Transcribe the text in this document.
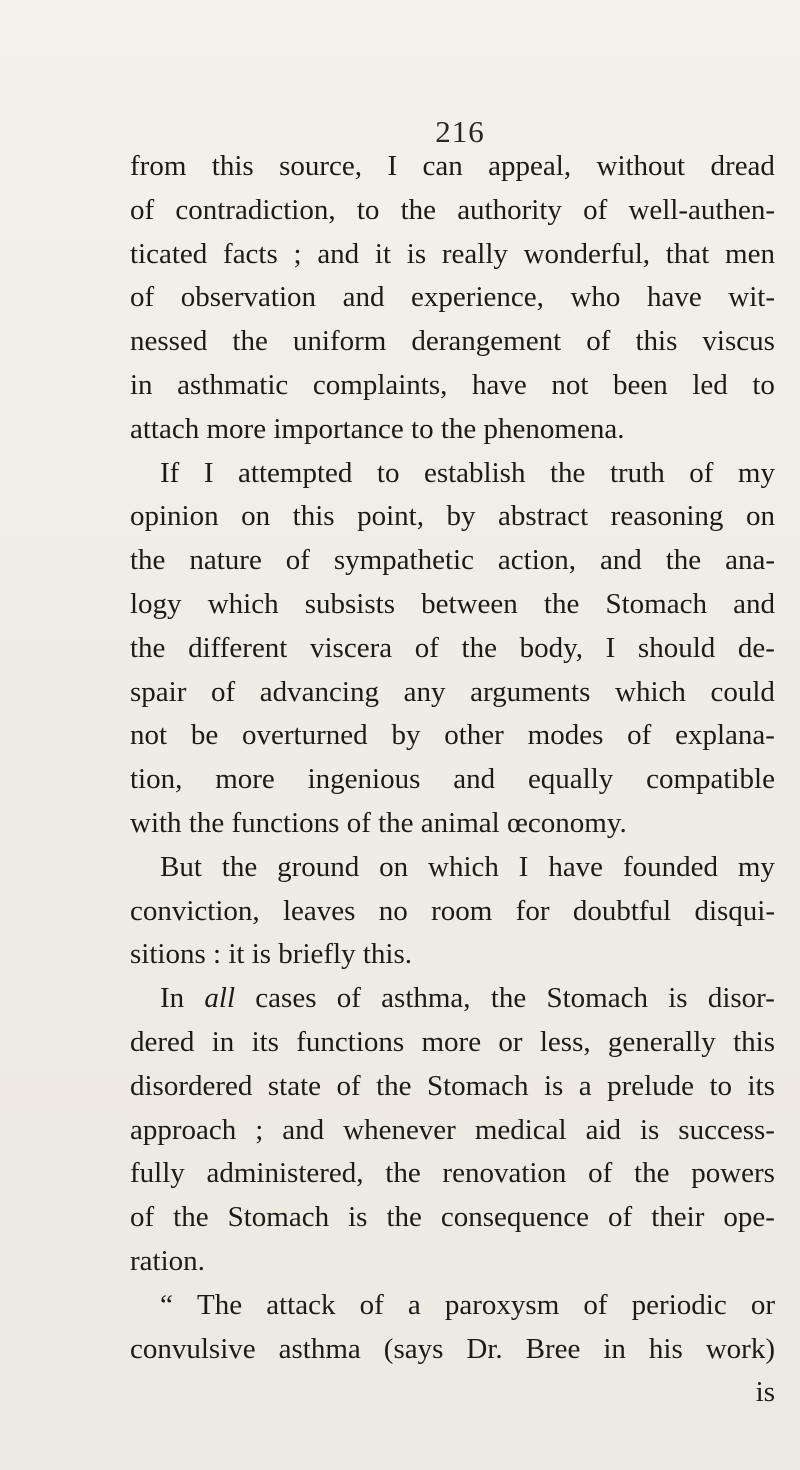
216
from this source, I can appeal, without dread
of contradiction, to the authority of well-authen-
ticated facts ; and it is really wonderful, that men
of observation and experience, who have wit-
nessed the uniform derangement of this viscus
in asthmatic complaints, have not been led to
attach more importance to the phenomena.
If I attempted to establish the truth of my
opinion on this point, by abstract reasoning on
the nature of sympathetic action, and the ana-
logy which subsists between the Stomach and
the different viscera of the body, I should de-
spair of advancing any arguments which could
not be overturned by other modes of explana-
tion, more ingenious and equally compatible
with the functions of the animal œconomy.
But the ground on which I have founded my
conviction, leaves no room for doubtful disqui-
sitions : it is briefly this.
In all cases of asthma, the Stomach is disor-
dered in its functions more or less, generally this
disordered state of the Stomach is a prelude to its
approach ; and whenever medical aid is success-
fully administered, the renovation of the powers
of the Stomach is the consequence of their ope-
ration.
“ The attack of a paroxysm of periodic or
convulsive asthma (says Dr. Bree in his work)
is
